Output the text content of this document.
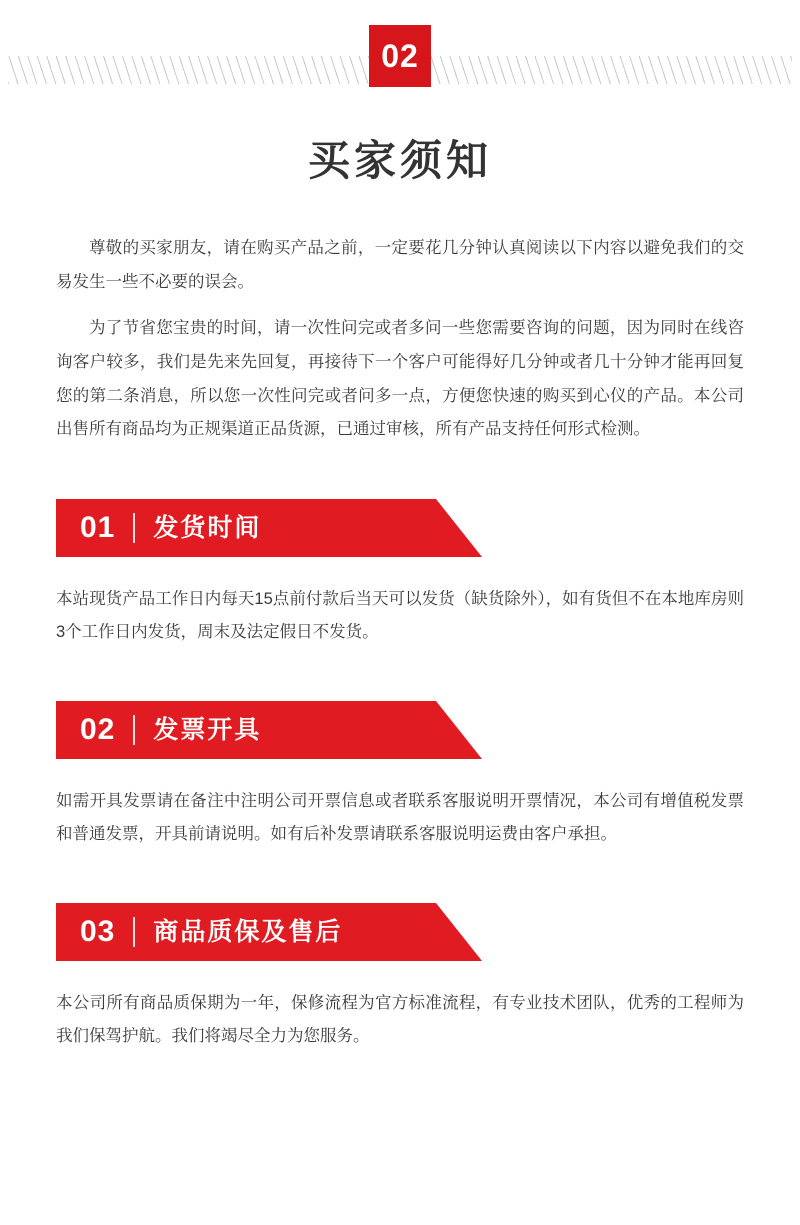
02
买家须知

尊敬的买家朋友，请在购买产品之前，一定要花几分钟认真阅读以下内容以避免我们的交易发生一些不必要的误会。

为了节省您宝贵的时间，请一次性问完或者多问一些您需要咨询的问题，因为同时在线咨询客户较多，我们是先来先回复，再接待下一个客户可能得好几分钟或者几十分钟才能再回复您的第二条消息，所以您一次性问完或者问多一点，方便您快速的购买到心仪的产品。本公司出售所有商品均为正规渠道正品货源，已通过审核，所有产品支持任何形式检测。

01	发货时间

本站现货产品工作日内每天15点前付款后当天可以发货（缺货除外），如有货但不在本地库房则3个工作日内发货，周末及法定假日不发货。

02	发票开具

如需开具发票请在备注中注明公司开票信息或者联系客服说明开票情况，本公司有增值税发票和普通发票，开具前请说明。如有后补发票请联系客服说明运费由客户承担。

03	商品质保及售后

本公司所有商品质保期为一年，保修流程为官方标准流程，有专业技术团队，优秀的工程师为我们保驾护航。我们将竭尽全力为您服务。
